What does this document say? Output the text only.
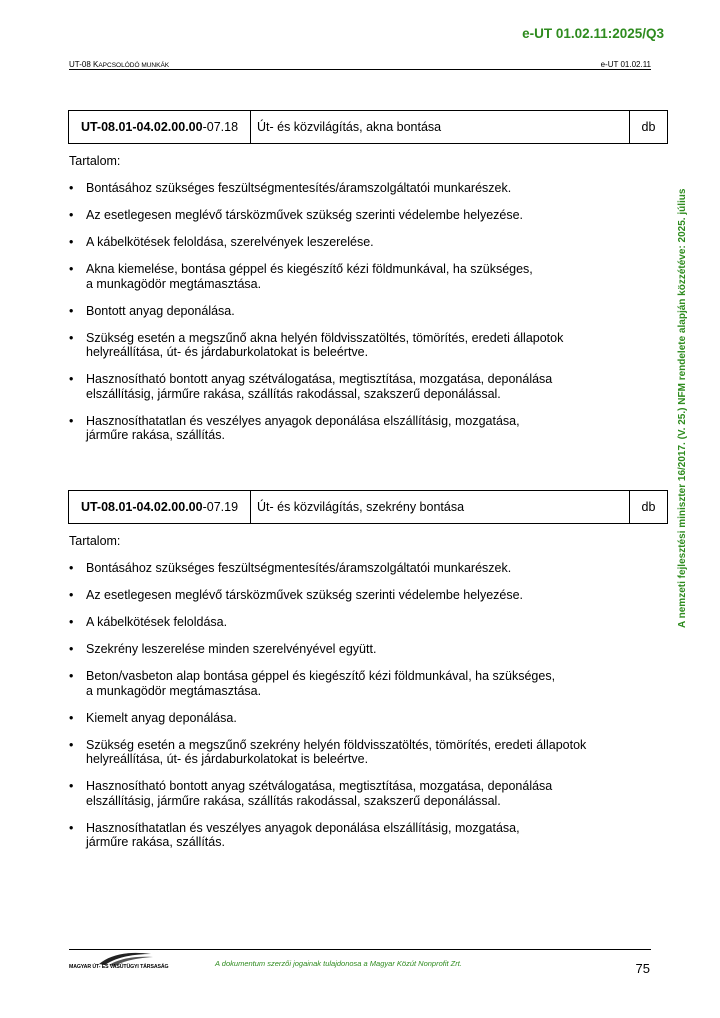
e-UT 01.02.11:2025/Q3
UT-08 KAPCSOLÓDÓ MUNKÁK	e-UT 01.02.11
A nemzeti fejlesztési miniszter 16/2017. (V. 25.) NFM rendelete alapján közzétéve: 2025. július
UT-08.01-04.02.00.00 -07.18	Út- és közvilágítás, akna bontása	db
Tartalom:
• Bontásához szükséges feszültségmentesítés/áramszolgáltatói munkarészek.
• Az esetlegesen meglévő társközművek szükség szerinti védelembe helyezése.
• A kábelkötések feloldása, szerelvények leszerelése.
• Akna kiemelése, bontása géppel és kiegészítő kézi földmunkával, ha szükséges,
a munkagödör megtámasztása.
• Bontott anyag deponálása.
• Szükség esetén a megszűnő akna helyén földvisszatöltés, tömörítés, eredeti állapotok
helyreállítása, út- és járdaburkolatokat is beleértve.
• Hasznosítható bontott anyag szétválogatása, megtisztítása, mozgatása, deponálása
elszállításig, járműre rakása, szállítás rakodással, szakszerű deponálással.
• Hasznosíthatatlan és veszélyes anyagok deponálása elszállításig, mozgatása,
járműre rakása, szállítás.
UT-08.01-04.02.00.00 -07.19	Út- és közvilágítás, szekrény bontása	db
Tartalom:
• Bontásához szükséges feszültségmentesítés/áramszolgáltatói munkarészek.
• Az esetlegesen meglévő társközművek szükség szerinti védelembe helyezése.
• A kábelkötések feloldása.
• Szekrény leszerelése minden szerelvényével együtt.
• Beton/vasbeton alap bontása géppel és kiegészítő kézi földmunkával, ha szükséges,
a munkagödör megtámasztása.
• Kiemelt anyag deponálása.
• Szükség esetén a megszűnő szekrény helyén földvisszatöltés, tömörítés, eredeti állapotok
helyreállítása, út- és járdaburkolatokat is beleértve.
• Hasznosítható bontott anyag szétválogatása, megtisztítása, mozgatása, deponálása
elszállításig, járműre rakása, szállítás rakodással, szakszerű deponálással.
• Hasznosíthatatlan és veszélyes anyagok deponálása elszállításig, mozgatása,
járműre rakása, szállítás.
MAGYAR ÚT- ÉS VASÚTÜGYI TÁRSASÁG	A dokumentum szerzői jogainak tulajdonosa a Magyar Közút Nonprofit Zrt.	75
